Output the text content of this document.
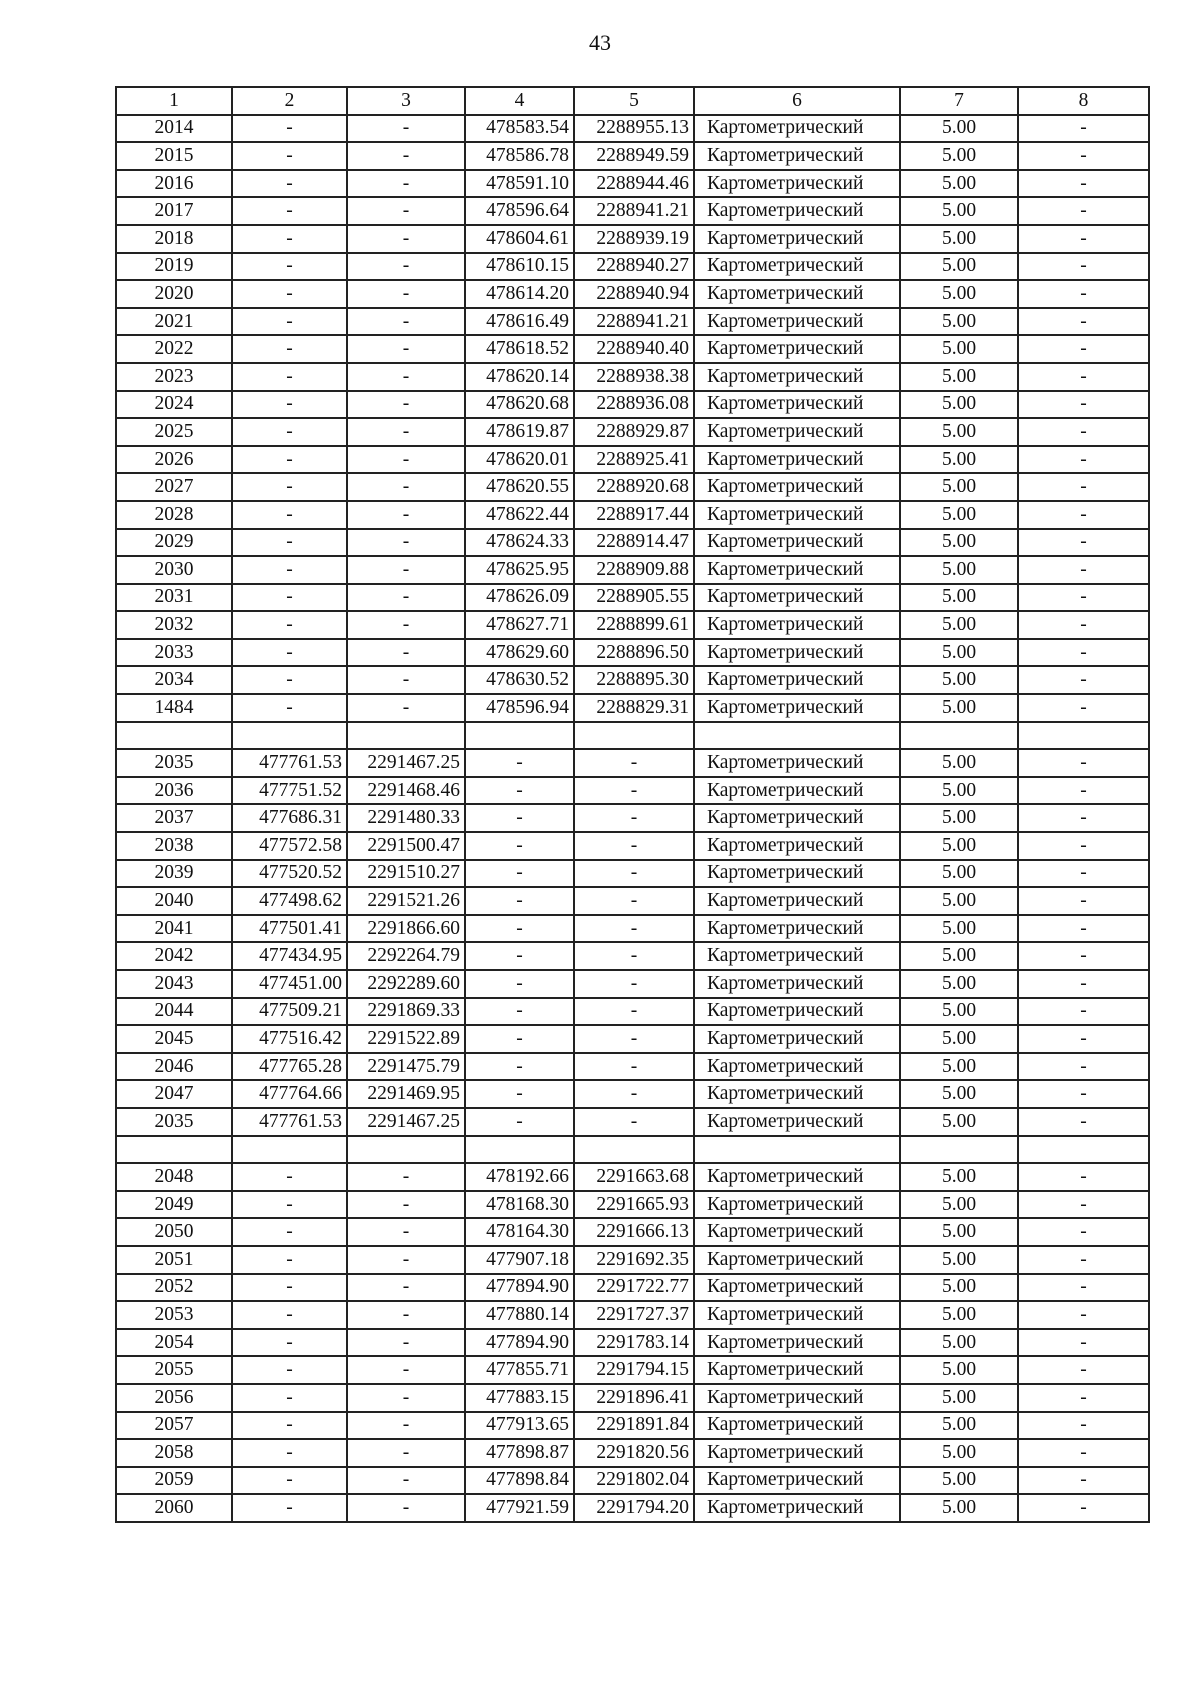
43
1	2	3	4	5	6	7	8
2014	-	-	478583.54	2288955.13	Картометрический	5.00	-
2015	-	-	478586.78	2288949.59	Картометрический	5.00	-
2016	-	-	478591.10	2288944.46	Картометрический	5.00	-
2017	-	-	478596.64	2288941.21	Картометрический	5.00	-
2018	-	-	478604.61	2288939.19	Картометрический	5.00	-
2019	-	-	478610.15	2288940.27	Картометрический	5.00	-
2020	-	-	478614.20	2288940.94	Картометрический	5.00	-
2021	-	-	478616.49	2288941.21	Картометрический	5.00	-
2022	-	-	478618.52	2288940.40	Картометрический	5.00	-
2023	-	-	478620.14	2288938.38	Картометрический	5.00	-
2024	-	-	478620.68	2288936.08	Картометрический	5.00	-
2025	-	-	478619.87	2288929.87	Картометрический	5.00	-
2026	-	-	478620.01	2288925.41	Картометрический	5.00	-
2027	-	-	478620.55	2288920.68	Картометрический	5.00	-
2028	-	-	478622.44	2288917.44	Картометрический	5.00	-
2029	-	-	478624.33	2288914.47	Картометрический	5.00	-
2030	-	-	478625.95	2288909.88	Картометрический	5.00	-
2031	-	-	478626.09	2288905.55	Картометрический	5.00	-
2032	-	-	478627.71	2288899.61	Картометрический	5.00	-
2033	-	-	478629.60	2288896.50	Картометрический	5.00	-
2034	-	-	478630.52	2288895.30	Картометрический	5.00	-
1484	-	-	478596.94	2288829.31	Картометрический	5.00	-

2035	477761.53	2291467.25	-	-	Картометрический	5.00	-
2036	477751.52	2291468.46	-	-	Картометрический	5.00	-
2037	477686.31	2291480.33	-	-	Картометрический	5.00	-
2038	477572.58	2291500.47	-	-	Картометрический	5.00	-
2039	477520.52	2291510.27	-	-	Картометрический	5.00	-
2040	477498.62	2291521.26	-	-	Картометрический	5.00	-
2041	477501.41	2291866.60	-	-	Картометрический	5.00	-
2042	477434.95	2292264.79	-	-	Картометрический	5.00	-
2043	477451.00	2292289.60	-	-	Картометрический	5.00	-
2044	477509.21	2291869.33	-	-	Картометрический	5.00	-
2045	477516.42	2291522.89	-	-	Картометрический	5.00	-
2046	477765.28	2291475.79	-	-	Картометрический	5.00	-
2047	477764.66	2291469.95	-	-	Картометрический	5.00	-
2035	477761.53	2291467.25	-	-	Картометрический	5.00	-

2048	-	-	478192.66	2291663.68	Картометрический	5.00	-
2049	-	-	478168.30	2291665.93	Картометрический	5.00	-
2050	-	-	478164.30	2291666.13	Картометрический	5.00	-
2051	-	-	477907.18	2291692.35	Картометрический	5.00	-
2052	-	-	477894.90	2291722.77	Картометрический	5.00	-
2053	-	-	477880.14	2291727.37	Картометрический	5.00	-
2054	-	-	477894.90	2291783.14	Картометрический	5.00	-
2055	-	-	477855.71	2291794.15	Картометрический	5.00	-
2056	-	-	477883.15	2291896.41	Картометрический	5.00	-
2057	-	-	477913.65	2291891.84	Картометрический	5.00	-
2058	-	-	477898.87	2291820.56	Картометрический	5.00	-
2059	-	-	477898.84	2291802.04	Картометрический	5.00	-
2060	-	-	477921.59	2291794.20	Картометрический	5.00	-
